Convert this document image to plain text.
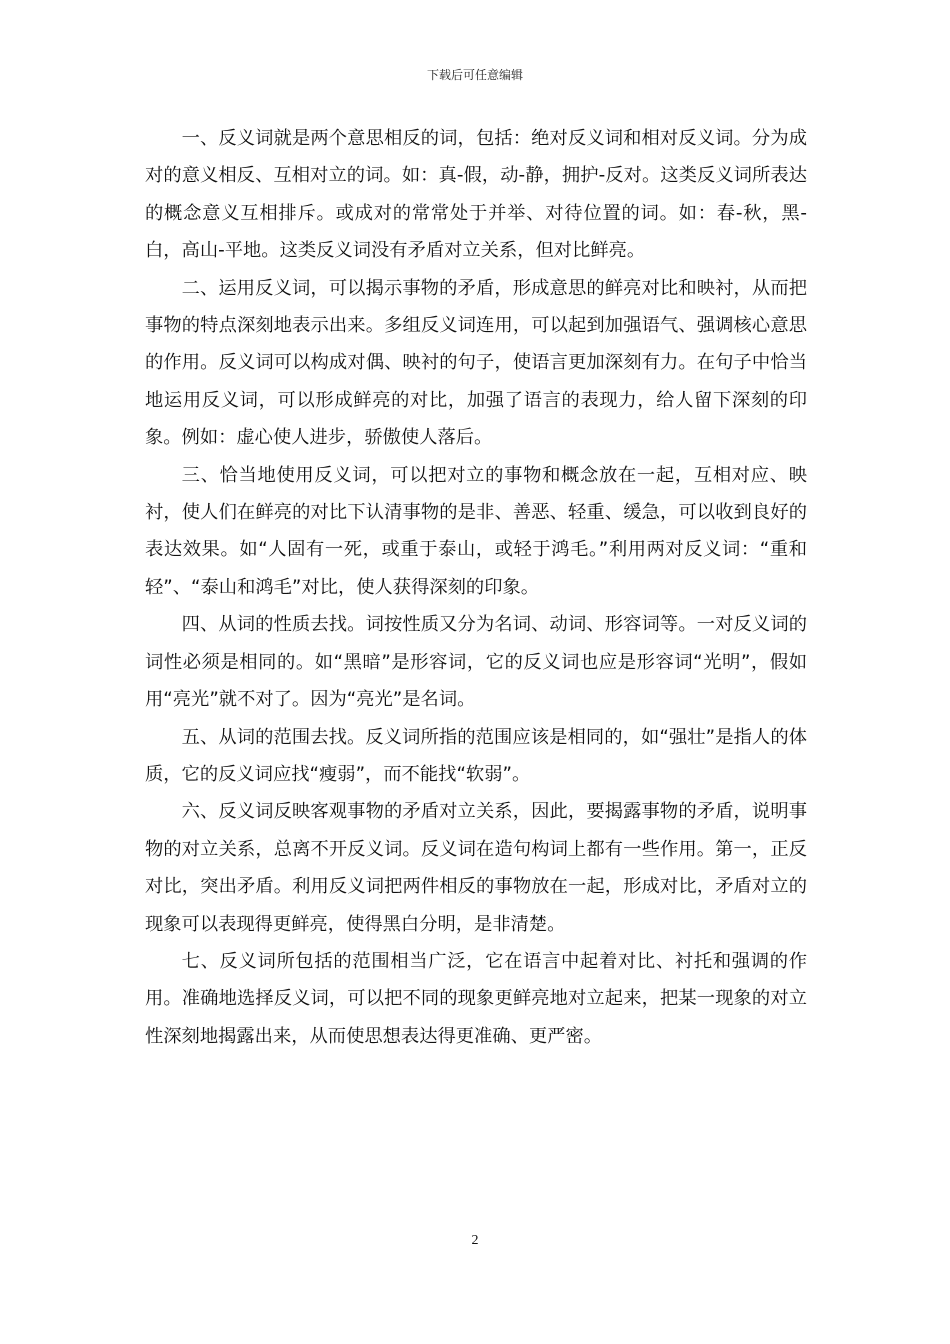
下载后可任意编辑

一、反义词就是两个意思相反的词，包括：绝对反义词和相对反义词。分为成对的意义相反、互相对立的词。如：真-假，动-静，拥护-反对。这类反义词所表达的概念意义互相排斥。或成对的常常处于并举、对待位置的词。如：春-秋，黑-白，高山-平地。这类反义词没有矛盾对立关系，但对比鲜亮。

二、运用反义词，可以揭示事物的矛盾，形成意思的鲜亮对比和映衬，从而把事物的特点深刻地表示出来。多组反义词连用，可以起到加强语气、强调核心意思的作用。反义词可以构成对偶、映衬的句子，使语言更加深刻有力。在句子中恰当地运用反义词，可以形成鲜亮的对比，加强了语言的表现力，给人留下深刻的印象。例如：虚心使人进步，骄傲使人落后。

三、恰当地使用反义词，可以把对立的事物和概念放在一起，互相对应、映衬，使人们在鲜亮的对比下认清事物的是非、善恶、轻重、缓急，可以收到良好的表达效果。如“人固有一死，或重于泰山，或轻于鸿毛。”利用两对反义词：“重和轻”、“泰山和鸿毛”对比，使人获得深刻的印象。

四、从词的性质去找。词按性质又分为名词、动词、形容词等。一对反义词的词性必须是相同的。如“黑暗”是形容词，它的反义词也应是形容词“光明”，假如用“亮光”就不对了。因为“亮光”是名词。

五、从词的范围去找。反义词所指的范围应该是相同的，如“强壮”是指人的体质，它的反义词应找“瘦弱”，而不能找“软弱”。

六、反义词反映客观事物的矛盾对立关系，因此，要揭露事物的矛盾，说明事物的对立关系，总离不开反义词。反义词在造句构词上都有一些作用。第一，正反对比，突出矛盾。利用反义词把两件相反的事物放在一起，形成对比，矛盾对立的现象可以表现得更鲜亮，使得黑白分明，是非清楚。

七、反义词所包括的范围相当广泛，它在语言中起着对比、衬托和强调的作用。准确地选择反义词，可以把不同的现象更鲜亮地对立起来，把某一现象的对立性深刻地揭露出来，从而使思想表达得更准确、更严密。

2
